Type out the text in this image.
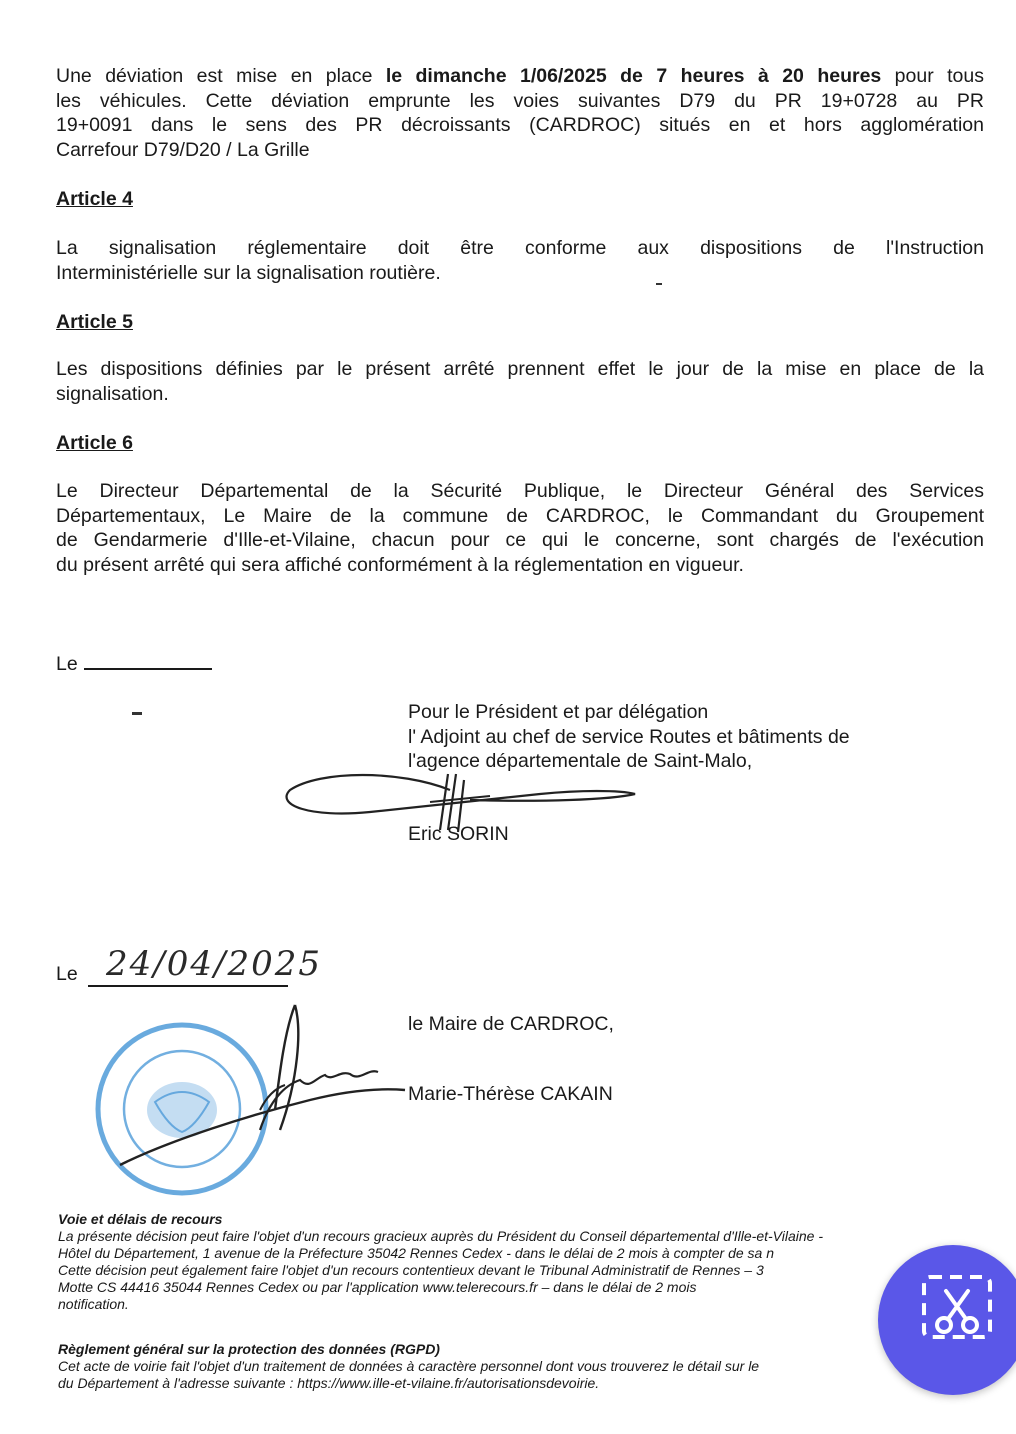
Une déviation est mise en place le dimanche 1/06/2025 de 7 heures à 20 heures pour tous
les véhicules. Cette déviation emprunte les voies suivantes D79 du PR 19+0728 au PR
19+0091 dans le sens des PR décroissants (CARDROC) situés en et hors agglomération
Carrefour D79/D20 / La Grille
Article 4
La signalisation réglementaire doit être conforme aux dispositions de l'Instruction
Interministérielle sur la signalisation routière.
Article 5
Les dispositions définies par le présent arrêté prennent effet le jour de la mise en place de la
signalisation.
Article 6
Le Directeur Départemental de la Sécurité Publique, le Directeur Général des Services
Départementaux, Le Maire de la commune de CARDROC, le Commandant du Groupement
de Gendarmerie d'Ille-et-Vilaine, chacun pour ce qui le concerne, sont chargés de l'exécution
du présent arrêté qui sera affiché conformément à la réglementation en vigueur.
Le
Pour le Président et par délégation
l' Adjoint au chef de service Routes et bâtiments de
l'agence départementale de Saint-Malo,
Eric SORIN
Le 24/04/2025
le Maire de CARDROC,
Marie-Thérèse CAKAIN
Voie et délais de recours
La présente décision peut faire l'objet d'un recours gracieux auprès du Président du Conseil départemental d'Ille-et-Vilaine -
Hôtel du Département, 1 avenue de la Préfecture 35042 Rennes Cedex - dans le délai de 2 mois à compter de sa n
Cette décision peut également faire l'objet d'un recours contentieux devant le Tribunal Administratif de Rennes – 3
Motte CS 44416 35044 Rennes Cedex ou par l'application www.telerecours.fr – dans le délai de 2 mois
notification.
Règlement général sur la protection des données (RGPD)
Cet acte de voirie fait l'objet d'un traitement de données à caractère personnel dont vous trouverez le détail sur le
du Département à l'adresse suivante : https://www.ille-et-vilaine.fr/autorisationsdevoirie.
